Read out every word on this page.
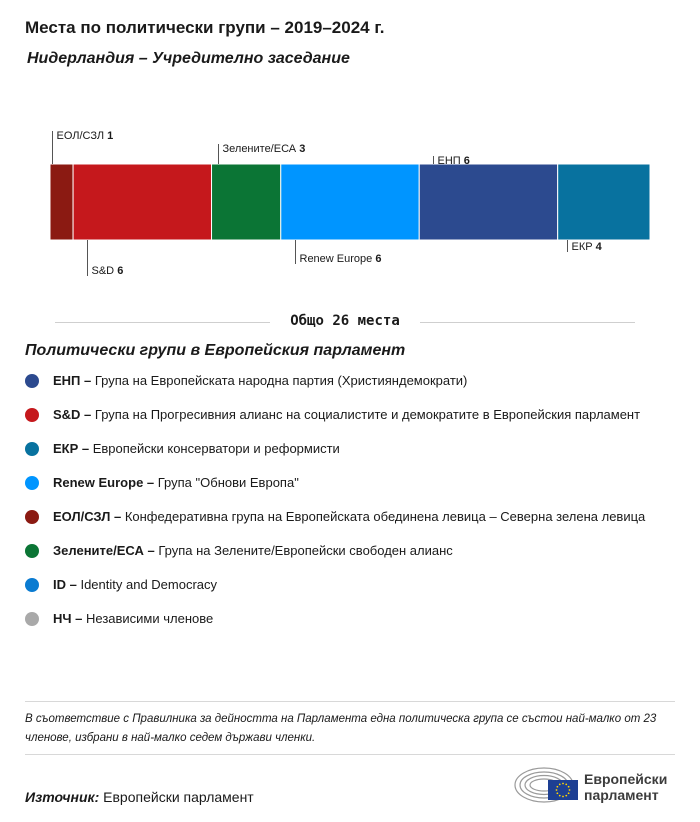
Места по политически групи – 2019–2024 г.
Нидерландия – Учредително заседание
ЕОЛ/СЗЛ 1
S&D 6
Зелените/ЕСА 3
Renew Europe 6
ЕНП 6
ЕКР 4
Общо 26 места
Политически групи в Европейския парламент
ЕНП – Група на Европейската народна партия (Християндемократи)
S&D – Група на Прогресивния алианс на социалистите и демократите в Европейския парламент
ЕКР – Европейски консерватори и реформисти
Renew Europe – Група "Обнови Европа"
ЕОЛ/СЗЛ – Конфедеративна група на Европейската обединена левица – Северна зелена левица
Зелените/ЕСА – Група на Зелените/Европейски свободен алианс
ID – Identity and Democracy
НЧ – Независими членове

В съответствие с Правилника за дейността на Парламента една политическа група се състои най-малко от 23 членове, избрани в най-малко седем държави членки.

Източник: Европейски парламент

Европейски
парламент
